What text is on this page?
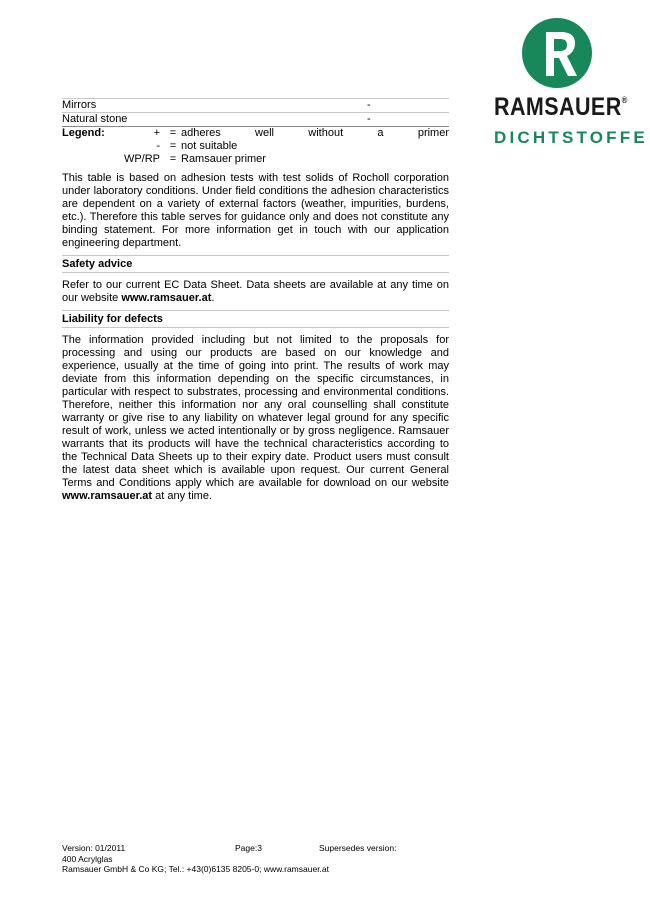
RAMSAUER®
DICHTSTOFFE
Mirrors	-
Natural stone	-
Legend:	+ = adheres	well	without	a	primer
- = not suitable
WP/RP = Ramsauer primer

This table is based on adhesion tests with test solids of Rocholl corporation under laboratory conditions. Under field conditions the adhesion characteristics are dependent on a variety of external factors (weather, impurities, burdens, etc.). Therefore this table serves for guidance only and does not constitute any binding statement. For more information get in touch with our application engineering department.

Safety advice

Refer to our current EC Data Sheet. Data sheets are available at any time on our website www.ramsauer.at.

Liability for defects

The information provided including but not limited to the proposals for processing and using our products are based on our knowledge and experience, usually at the time of going into print. The results of work may deviate from this information depending on the specific circumstances, in particular with respect to substrates, processing and environmental conditions. Therefore, neither this information nor any oral counselling shall constitute warranty or give rise to any liability on whatever legal ground for any specific result of work, unless we acted intentionally or by gross negligence. Ramsauer warrants that its products will have the technical characteristics according to the Technical Data Sheets up to their expiry date. Product users must consult the latest data sheet which is available upon request. Our current General Terms and Conditions apply which are available for download on our website www.ramsauer.at at any time.

Version: 01/2011	Page:3	Supersedes version:
400 Acrylglas
Ramsauer GmbH & Co KG; Tel.: +43(0)6135 8205-0; www.ramsauer.at
